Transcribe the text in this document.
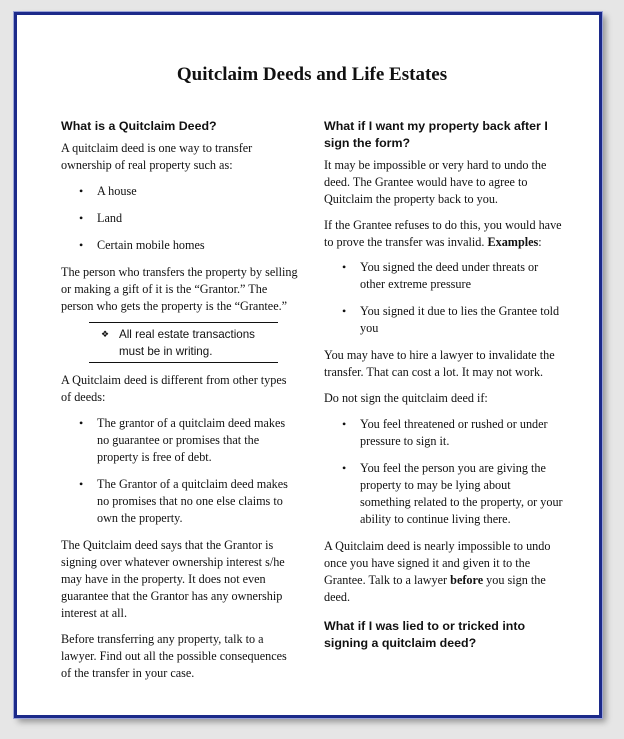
Quitclaim Deeds and Life Estates
What is a Quitclaim Deed?

A quitclaim deed is one way to transfer ownership of real property such as:

• A house
• Land
• Certain mobile homes

The person who transfers the property by selling or making a gift of it is the “Grantor.” The person who gets the property is the “Grantee.”

❖ All real estate transactions must be in writing.

A Quitclaim deed is different from other types of deeds:

• The grantor of a quitclaim deed makes no guarantee or promises that the property is free of debt.
• The Grantor of a quitclaim deed makes no promises that no one else claims to own the property.

The Quitclaim deed says that the Grantor is signing over whatever ownership interest s/he may have in the property. It does not even guarantee that the Grantor has any ownership interest at all.

Before transferring any property, talk to a lawyer. Find out all the possible consequences of the transfer in your case.

What if I want my property back after I sign the form?

It may be impossible or very hard to undo the deed. The Grantee would have to agree to Quitclaim the property back to you.

If the Grantee refuses to do this, you would have to prove the transfer was invalid. Examples:

• You signed the deed under threats or other extreme pressure
• You signed it due to lies the Grantee told you

You may have to hire a lawyer to invalidate the transfer. That can cost a lot. It may not work.

Do not sign the quitclaim deed if:

• You feel threatened or rushed or under pressure to sign it.
• You feel the person you are giving the property to may be lying about something related to the property, or your ability to continue living there.

A Quitclaim deed is nearly impossible to undo once you have signed it and given it to the Grantee. Talk to a lawyer before you sign the deed.

What if I was lied to or tricked into signing a quitclaim deed?
